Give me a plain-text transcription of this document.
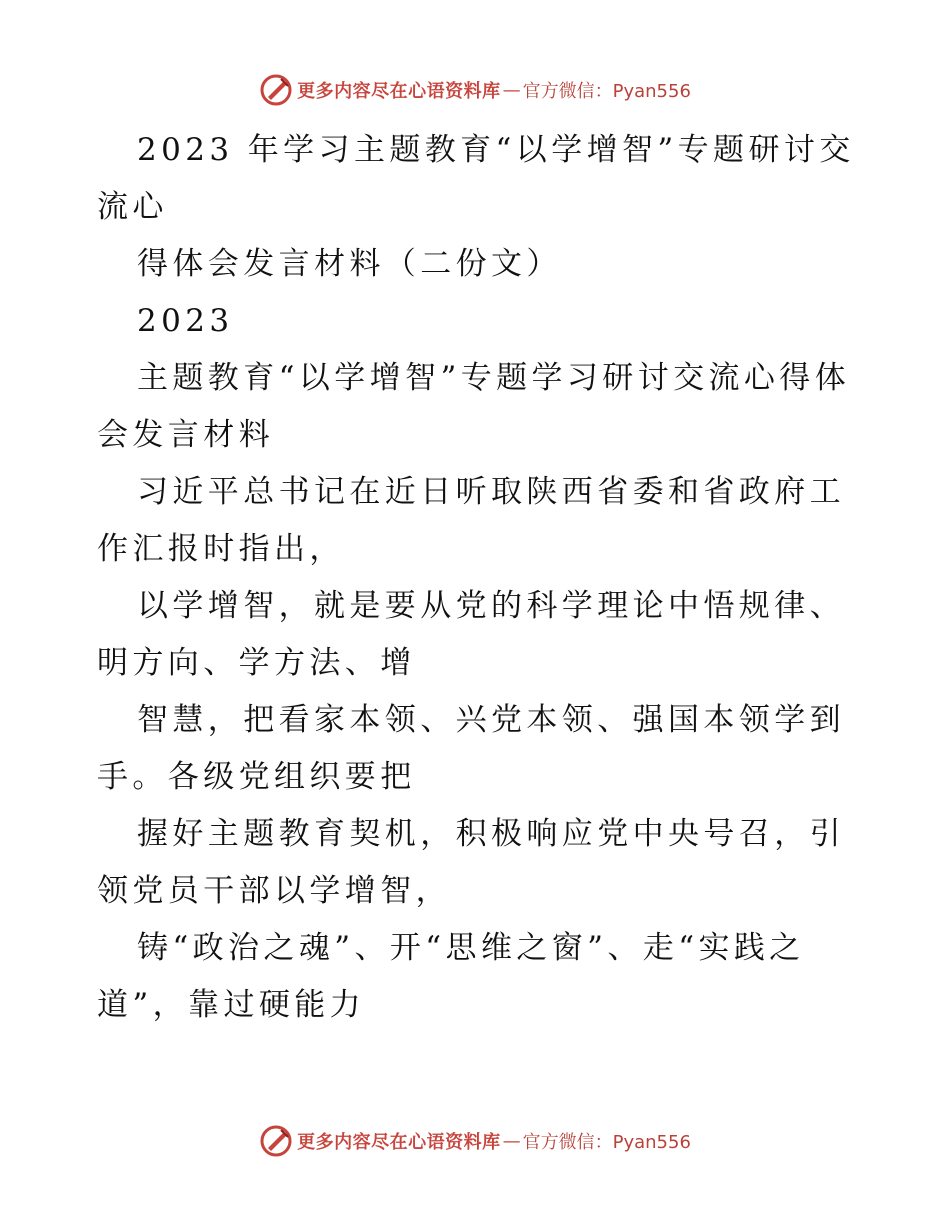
更多内容尽在心语资料库 — 官方微信：Pyan556

2023 年学习主题教育“以学增智”专题研讨交流心

得体会发言材料（二份文）

2023

主题教育“以学增智”专题学习研讨交流心得体会发言材料

习近平总书记在近日听取陕西省委和省政府工作汇报时指出，

以学增智，就是要从党的科学理论中悟规律、明方向、学方法、增

智慧，把看家本领、兴党本领、强国本领学到手。各级党组织要把

握好主题教育契机，积极响应党中央号召，引领党员干部以学增智，

铸“政治之魂”、开“思维之窗”、走“实践之道”，靠过硬能力

更多内容尽在心语资料库 — 官方微信：Pyan556
